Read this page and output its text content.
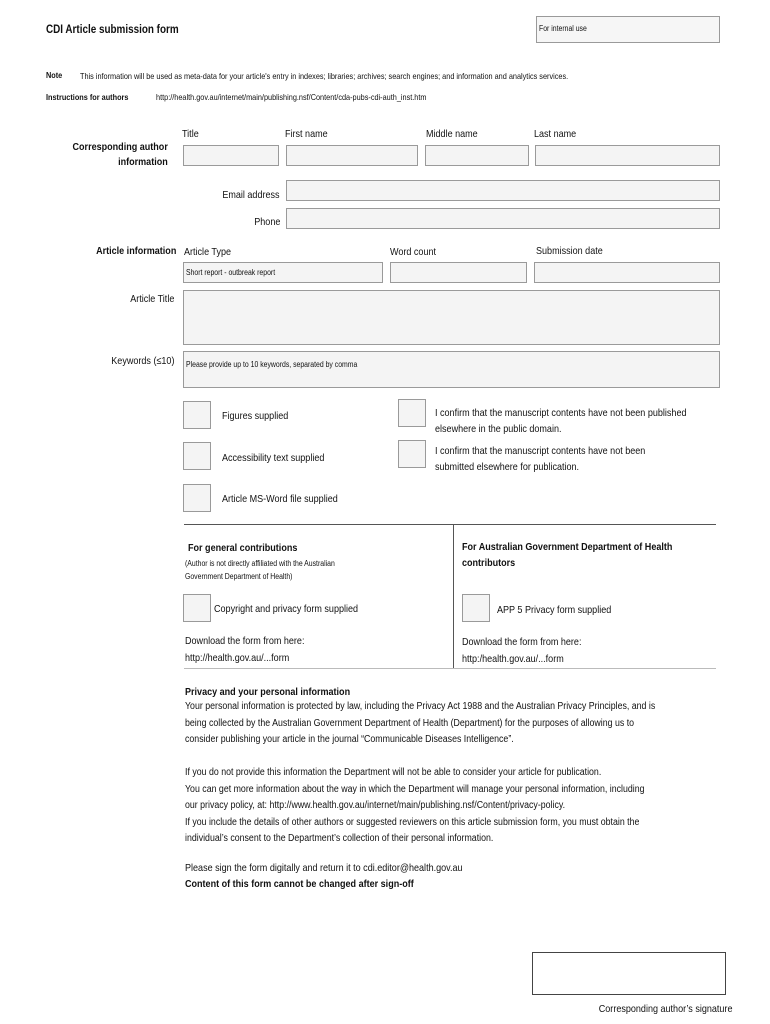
CDI Article submission form	For internal use
Note This information will be used as meta-data for your article's entry in indexes; libraries; archives; search engines; and information and analytics services.
Instructions for authors	http://health.gov.au/internet/main/publishing.nsf/Content/cda-pubs-cdi-auth_inst.htm
Corresponding author
information
Title	First name	Middle name	Last name
Email address
Phone
Article information Article Type	Word count	Submission date
Short report - outbreak report
Article Title
Keywords (≤10) Please provide up to 10 keywords, separated by comma
Figures supplied
Accessibility text supplied
Article MS-Word file supplied
I confirm that the manuscript contents have not been published
elsewhere in the public domain.
I confirm that the manuscript contents have not been
submitted elsewhere for publication.
For general contributions
(Author is not directly affiliated with the Australian
Government Department of Health)
Copyright and privacy form supplied
Download the form from here:
http://health.gov.au/...form
For Australian Government Department of Health
contributors
APP 5 Privacy form supplied
Download the form from here:
http:/health.gov.au/...form
Privacy and your personal information
Your personal information is protected by law, including the Privacy Act 1988 and the Australian Privacy Principles, and is
being collected by the Australian Government Department of Health (Department) for the purposes of allowing us to
consider publishing your article in the journal “Communicable Diseases Intelligence”.
If you do not provide this information the Department will not be able to consider your article for publication.
You can get more information about the way in which the Department will manage your personal information, including
our privacy policy, at: http://www.health.gov.au/internet/main/publishing.nsf/Content/privacy-policy.
If you include the details of other authors or suggested reviewers on this article submission form, you must obtain the
individual’s consent to the Department’s collection of their personal information.
Please sign the form digitally and return it to cdi.editor@health.gov.au
Content of this form cannot be changed after sign-off
Corresponding author’s signature
